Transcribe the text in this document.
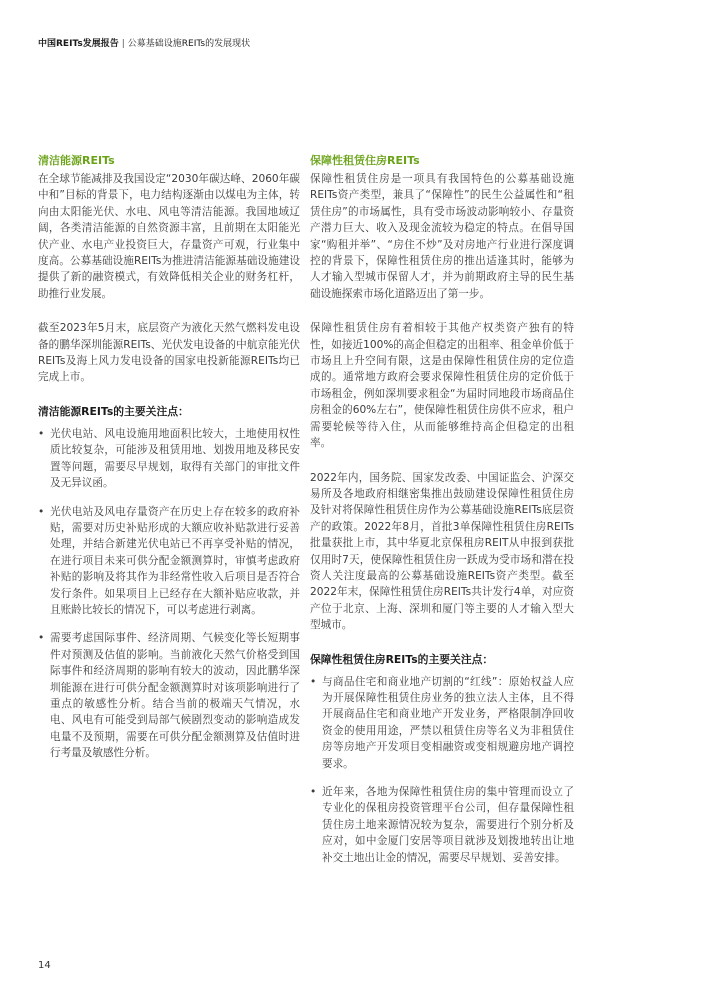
中国REITs发展报告 | 公募基础设施REITs的发展现状
清洁能源REITs

在全球节能减排及我国设定“2030年碳达峰、2060年碳中和”目标的背景下，电力结构逐渐由以煤电为主体，转向由太阳能光伏、水电、风电等清洁能源。我国地域辽阔，各类清洁能源的自然资源丰富，且前期在太阳能光伏产业、水电产业投资巨大，存量资产可观，行业集中度高。公募基础设施REITs为推进清洁能源基础设施建设提供了新的融资模式，有效降低相关企业的财务杠杆，助推行业发展。

截至2023年5月末，底层资产为液化天然气燃料发电设备的鹏华深圳能源REITs、光伏发电设备的中航京能光伏REITs及海上风力发电设备的国家电投新能源REITs均已完成上市。

清洁能源REITs的主要关注点：
• 光伏电站、风电设施用地面积比较大，土地使用权性质比较复杂，可能涉及租赁用地、划拨用地及移民安置等问题，需要尽早规划，取得有关部门的审批文件及无异议函。
• 光伏电站及风电存量资产在历史上存在较多的政府补贴，需要对历史补贴形成的大额应收补贴款进行妥善处理，并结合新建光伏电站已不再享受补贴的情况，在进行项目未来可供分配金额测算时，审慎考虑政府补贴的影响及将其作为非经常性收入后项目是否符合发行条件。如果项目上已经存在大额补贴应收款，并且账龄比较长的情况下，可以考虑进行剥离。
• 需要考虑国际事件、经济周期、气候变化等长短期事件对预测及估值的影响。当前液化天然气价格受到国际事件和经济周期的影响有较大的波动，因此鹏华深圳能源在进行可供分配金额测算时对该项影响进行了重点的敏感性分析。结合当前的极端天气情况，水电、风电有可能受到局部气候剧烈变动的影响造成发电量不及预期，需要在可供分配金额测算及估值时进行考量及敏感性分析。
保障性租赁住房REITs

保障性租赁住房是一项具有我国特色的公募基础设施REITs资产类型，兼具了“保障性”的民生公益属性和“租赁住房”的市场属性，具有受市场波动影响较小、存量资产潜力巨大、收入及现金流较为稳定的特点。在倡导国家“购租并举”、“房住不炒”及对房地产行业进行深度调控的背景下，保障性租赁住房的推出适逢其时，能够为人才输入型城市保留人才，并为前期政府主导的民生基础设施探索市场化道路迈出了第一步。

保障性租赁住房有着相较于其他产权类资产独有的特性，如接近100%的高企但稳定的出租率、租金单价低于市场且上升空间有限，这是由保障性租赁住房的定位造成的。通常地方政府会要求保障性租赁住房的定价低于市场租金，例如深圳要求租金“为届时同地段市场商品住房租金的60%左右”，使保障性租赁住房供不应求，租户需要轮候等待入住，从而能够维持高企但稳定的出租率。

2022年内，国务院、国家发改委、中国证监会、沪深交易所及各地政府相继密集推出鼓励建设保障性租赁住房及针对将保障性租赁住房作为公募基础设施REITs底层资产的政策。2022年8月，首批3单保障性租赁住房REITs批量获批上市，其中华夏北京保租房REIT从申报到获批仅用时7天，使保障性租赁住房一跃成为受市场和潜在投资人关注度最高的公募基础设施REITs资产类型。截至2022年末，保障性租赁住房REITs共计发行4单，对应资产位于北京、上海、深圳和厦门等主要的人才输入型大型城市。

保障性租赁住房REITs的主要关注点：
• 与商品住宅和商业地产切割的“红线”：原始权益人应为开展保障性租赁住房业务的独立法人主体，且不得开展商品住宅和商业地产开发业务，严格限制净回收资金的使用用途，严禁以租赁住房等名义为非租赁住房等房地产开发项目变相融资或变相规避房地产调控要求。
• 近年来，各地为保障性租赁住房的集中管理而设立了专业化的保租房投资管理平台公司，但存量保障性租赁住房土地来源情况较为复杂，需要进行个别分析及应对，如中金厦门安居等项目就涉及划拨地转出让地补交土地出让金的情况，需要尽早规划、妥善安排。
14
